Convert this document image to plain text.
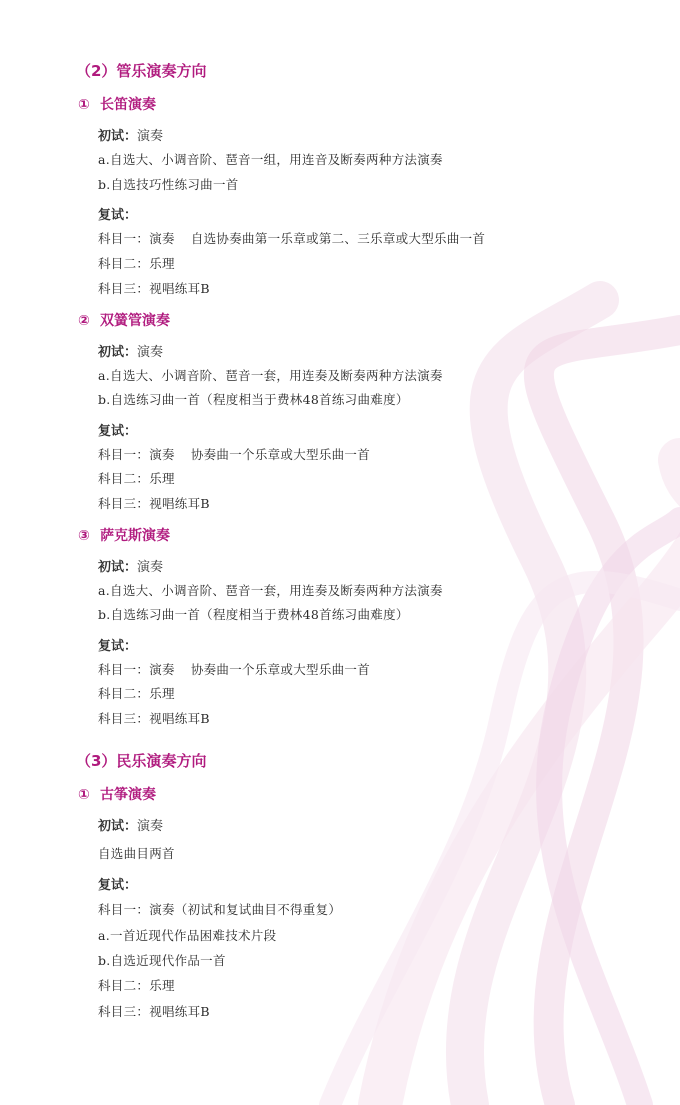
（2）管乐演奏方向
① 长笛演奏
初试：演奏
a.自选大、小调音阶、琶音一组，用连音及断奏两种方法演奏
b.自选技巧性练习曲一首
复试：
科目一：演奏 自选协奏曲第一乐章或第二、三乐章或大型乐曲一首
科目二：乐理
科目三：视唱练耳B
② 双簧管演奏
初试：演奏
a.自选大、小调音阶、琶音一套，用连奏及断奏两种方法演奏
b.自选练习曲一首（程度相当于费林48首练习曲难度）
复试：
科目一：演奏 协奏曲一个乐章或大型乐曲一首
科目二：乐理
科目三：视唱练耳B
③ 萨克斯演奏
初试：演奏
a.自选大、小调音阶、琶音一套，用连奏及断奏两种方法演奏
b.自选练习曲一首（程度相当于费林48首练习曲难度）
复试：
科目一：演奏 协奏曲一个乐章或大型乐曲一首
科目二：乐理
科目三：视唱练耳B
（3）民乐演奏方向
① 古筝演奏
初试：演奏
自选曲目两首
复试：
科目一：演奏（初试和复试曲目不得重复）
a.一首近现代作品困难技术片段
b.自选近现代作品一首
科目二：乐理
科目三：视唱练耳B
